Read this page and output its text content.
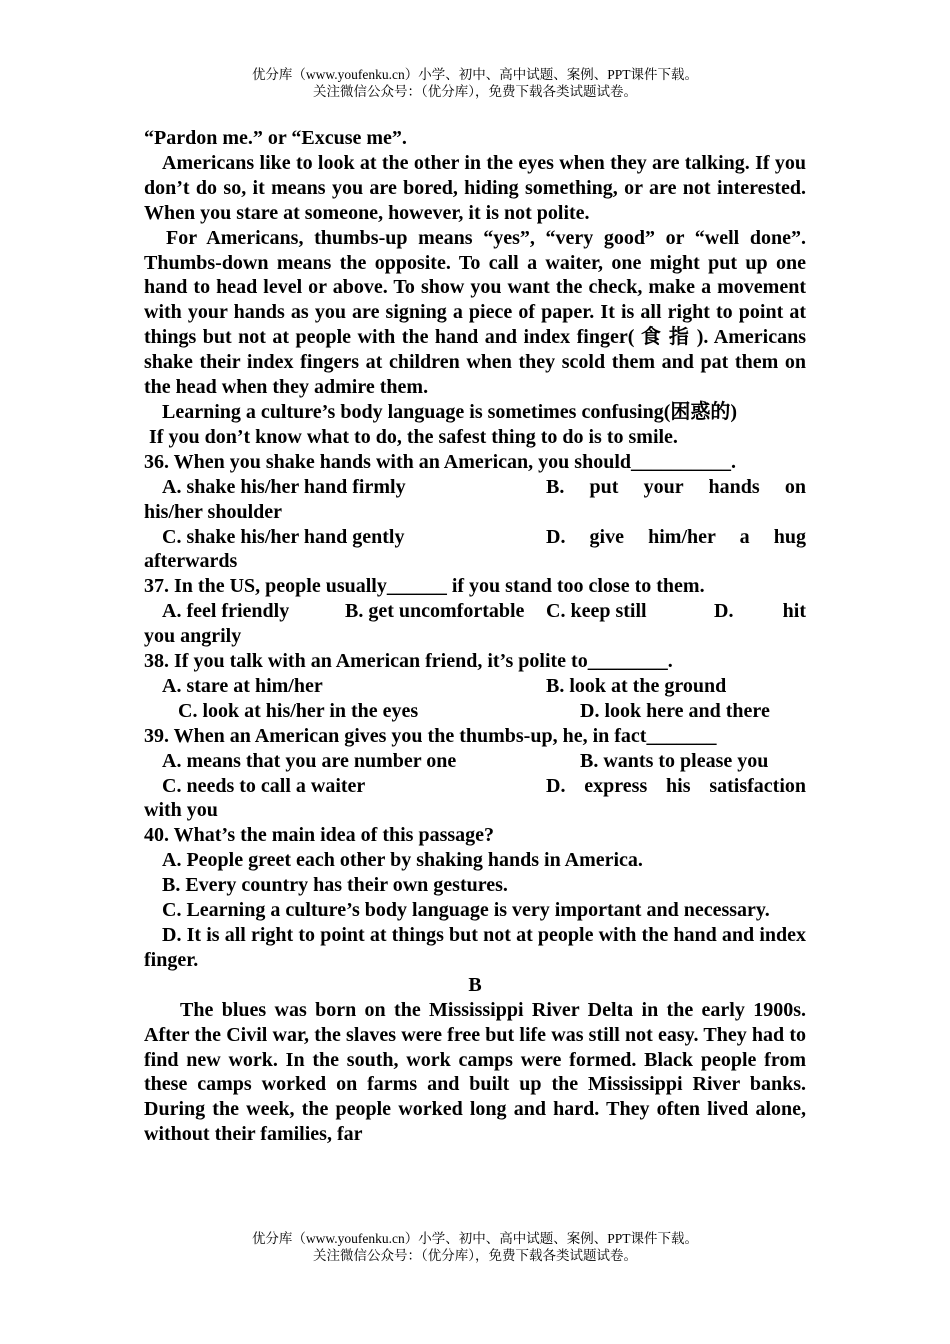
优分库（www.youfenku.cn）小学、初中、高中试题、案例、PPT课件下载。
关注微信公众号：（优分库），免费下载各类试题试卷。

“Pardon me.” or “Excuse me”.

Americans like to look at the other in the eyes when they are talking. If you don’t do so, it means you are bored, hiding something, or are not interested. When you stare at someone, however, it is not polite.

For Americans, thumbs-up means “yes”, “very good” or “well done”. Thumbs-down means the opposite. To call a waiter, one might put up one hand to head level or above. To show you want the check, make a movement with your hands as you are signing a piece of paper. It is all right to point at things but not at people with the hand and index finger( 食 指 ). Americans shake their index fingers at children when they scold them and pat them on the head when they admire them.

Learning a culture’s body language is sometimes confusing(困惑的)

If you don’t know what to do, the safest thing to do is to smile.

36. When you shake hands with an American, you should__________.
A. shake his/her hand firmly	B. put your hands on
his/her shoulder
C. shake his/her hand gently	D. give him/her a hug
afterwards
37. In the US, people usually______ if you stand too close to them.
A. feel friendly	B. get uncomfortable	C. keep still	D. hit
you angrily
38. If you talk with an American friend, it’s polite to________.
A. stare at him/her	B. look at the ground
C. look at his/her in the eyes	D. look here and there
39. When an American gives you the thumbs-up, he, in fact_______
A. means that you are number one	B. wants to please you
C. needs to call a waiter	D. express his satisfaction
with you
40. What’s the main idea of this passage?
A. People greet each other by shaking hands in America.
B. Every country has their own gestures.
C. Learning a culture’s body language is very important and necessary.
D. It is all right to point at things but not at people with the hand and index finger.
B

The blues was born on the Mississippi River Delta in the early 1900s. After the Civil war, the slaves were free but life was still not easy. They had to find new work. In the south, work camps were formed. Black people from these camps worked on farms and built up the Mississippi River banks. During the week, the people worked long and hard. They often lived alone, without their families, far

优分库（www.youfenku.cn）小学、初中、高中试题、案例、PPT课件下载。
关注微信公众号：（优分库），免费下载各类试题试卷。
